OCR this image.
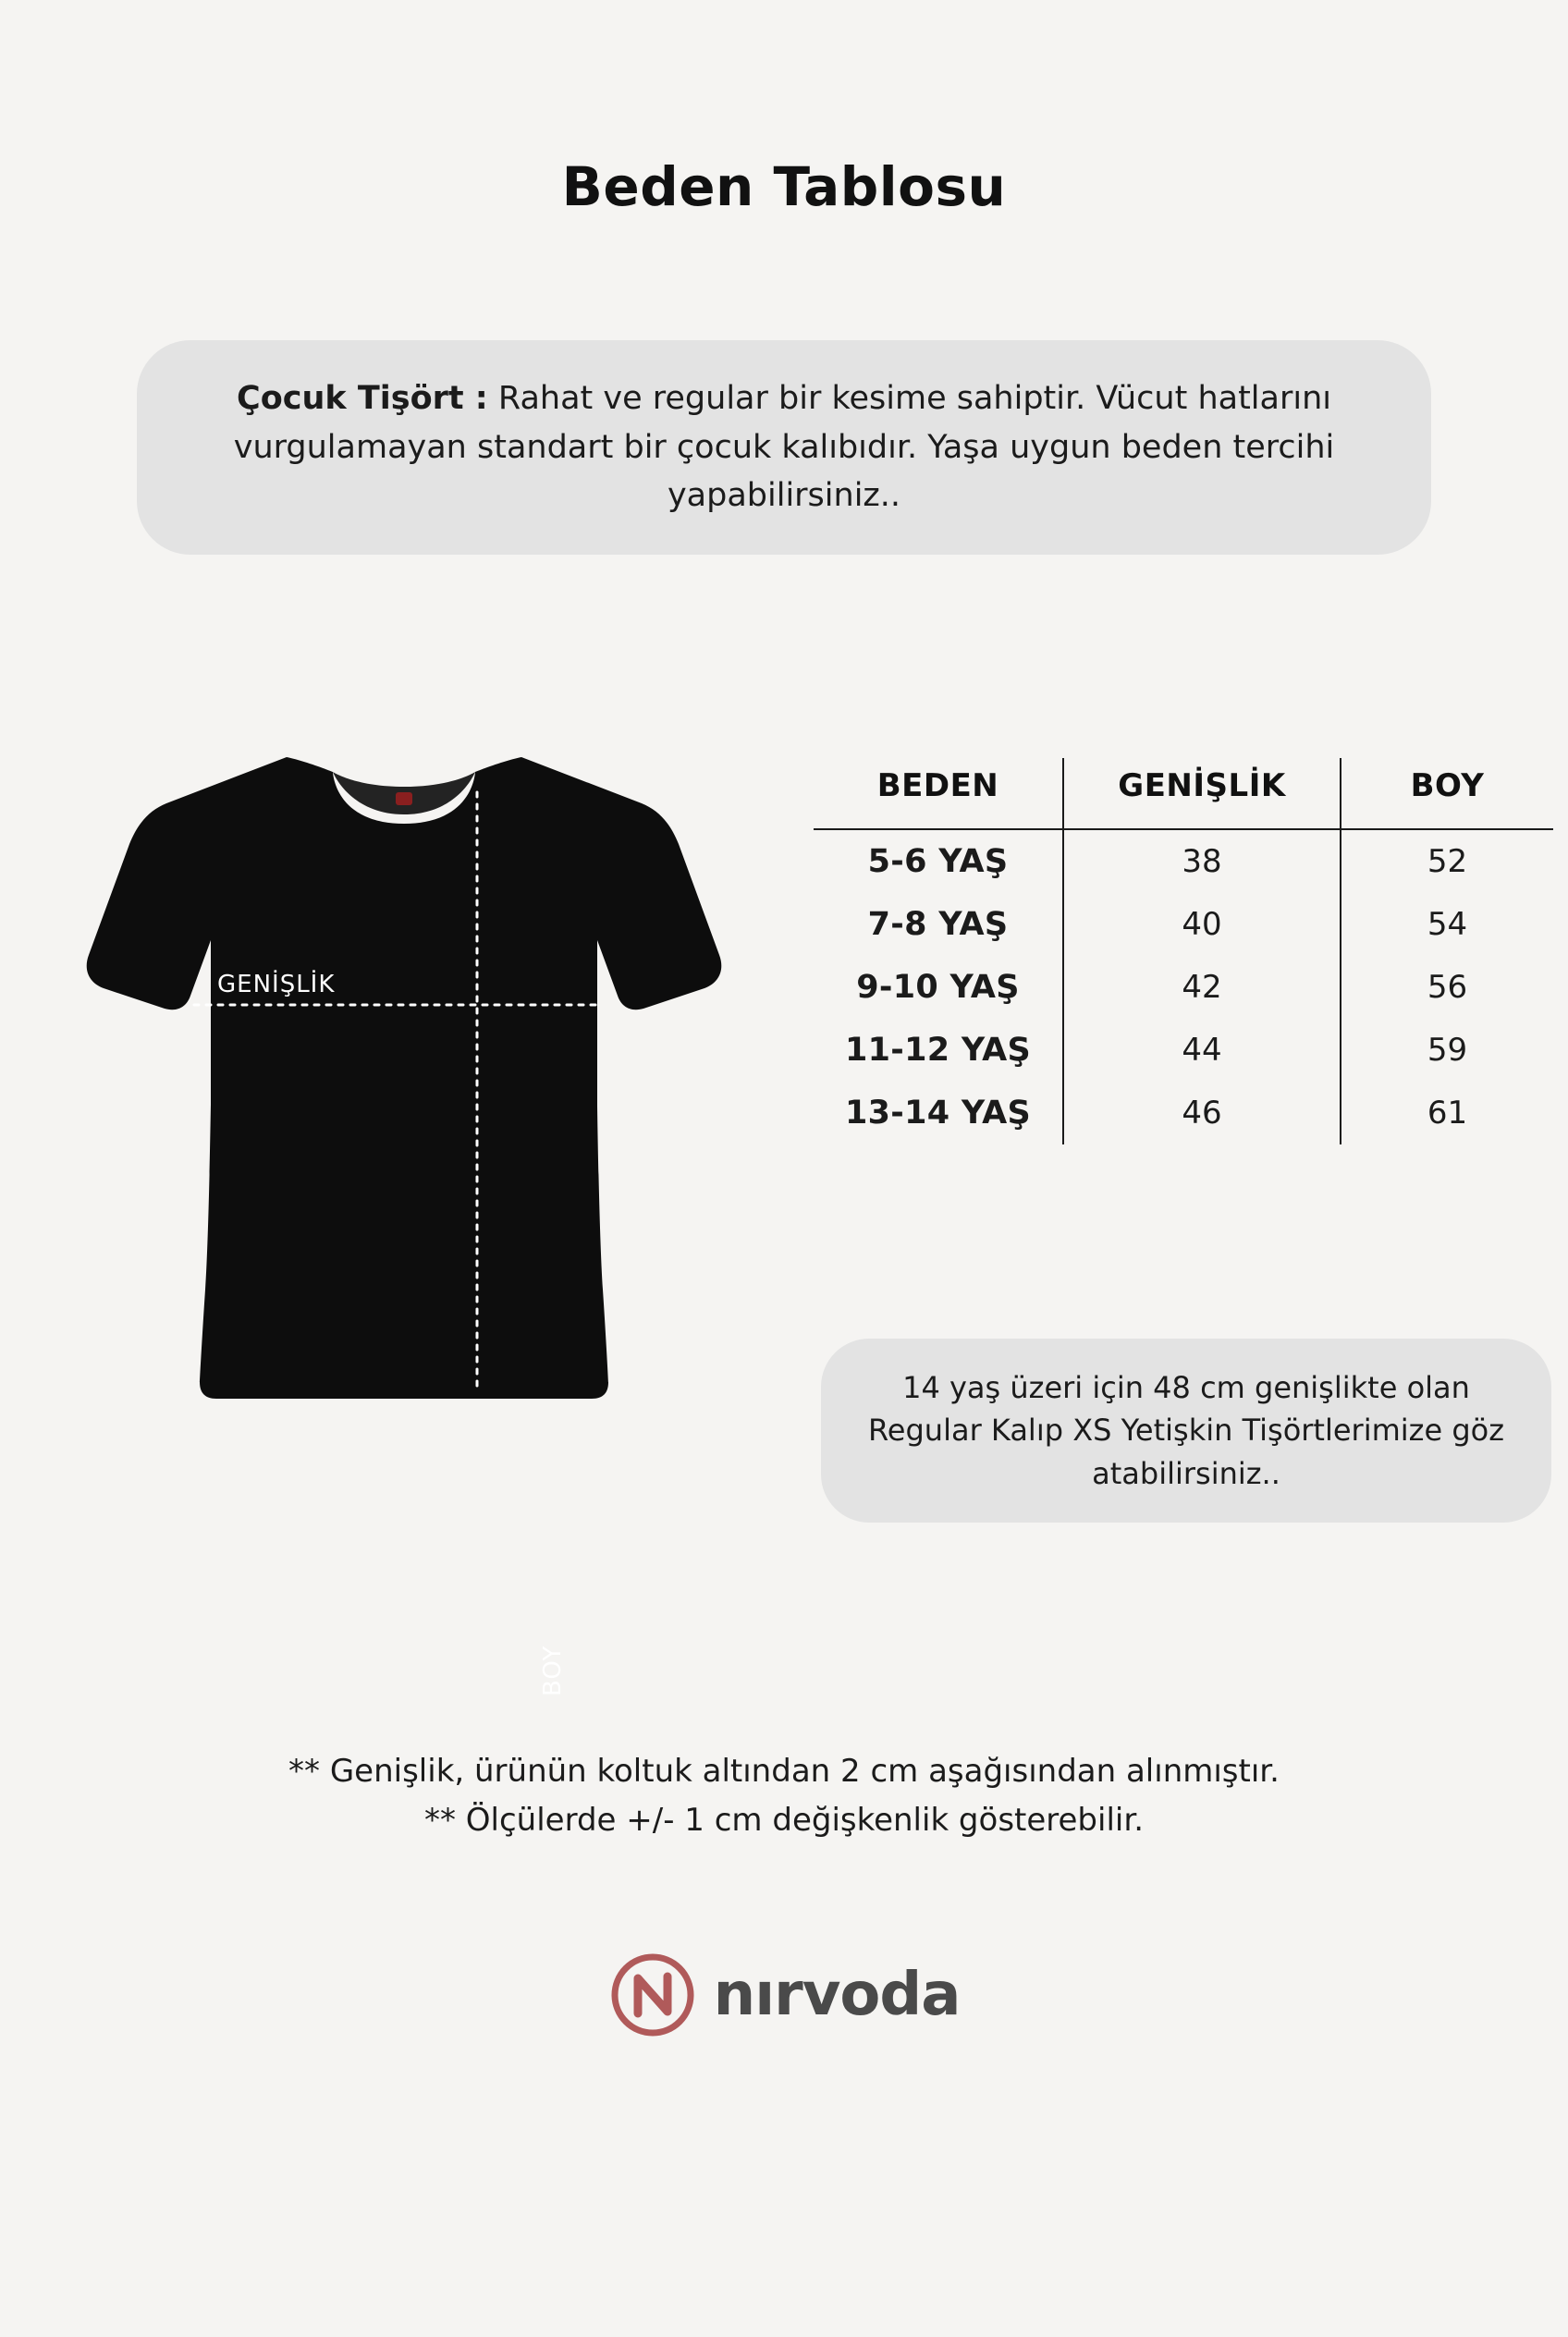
Beden Tablosu
Çocuk Tişört : Rahat ve regular bir kesime sahiptir. Vücut hatlarını vurgulamayan standart bir çocuk kalıbıdır. Yaşa uygun beden tercihi yapabilirsiniz..
GENİŞLİK
BOY
BEDEN	GENİŞLİK	BOY
5-6 YAŞ	38	52
7-8 YAŞ	40	54
9-10 YAŞ	42	56
11-12 YAŞ	44	59
13-14 YAŞ	46	61
14 yaş üzeri için 48 cm genişlikte olan Regular Kalıp XS Yetişkin Tişörtlerimize göz atabilirsiniz..
** Genişlik, ürünün koltuk altından 2 cm aşağısından alınmıştır.
** Ölçülerde +/- 1 cm değişkenlik gösterebilir.
nırvoda
